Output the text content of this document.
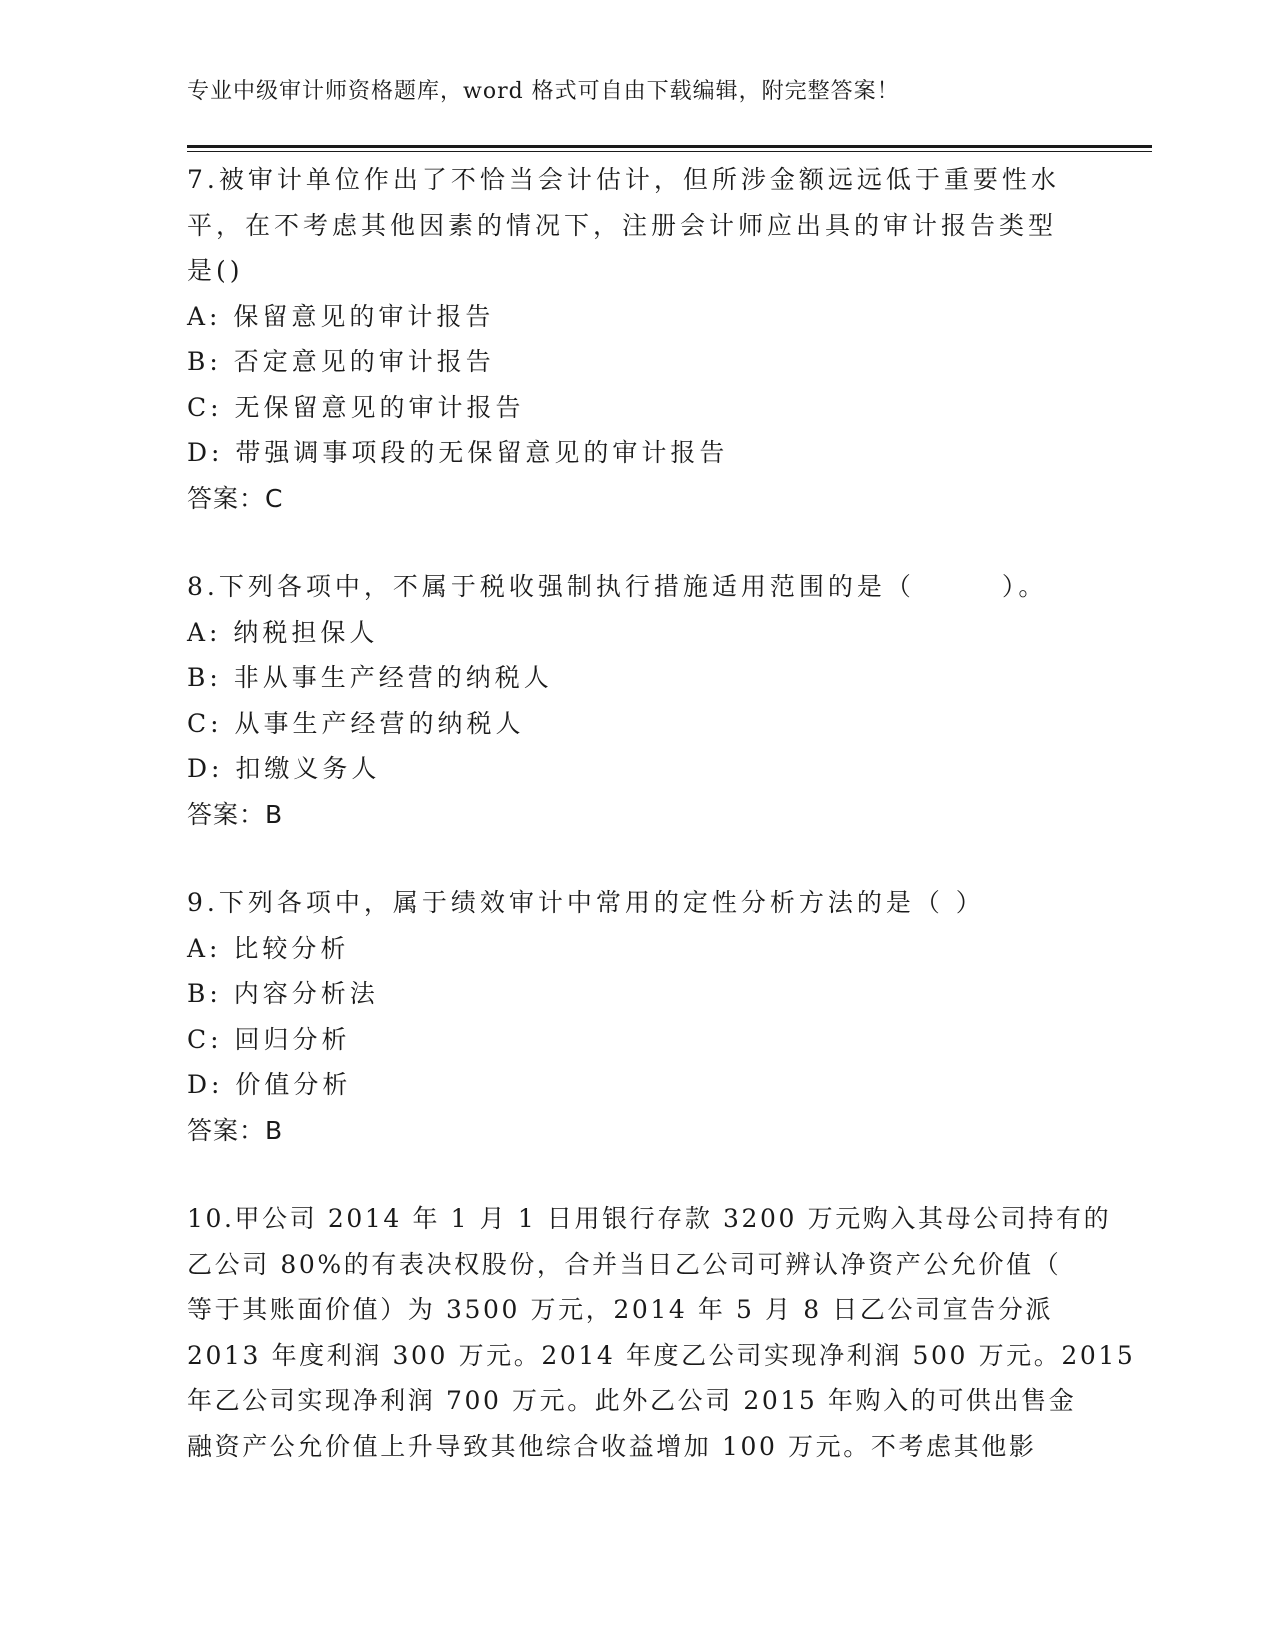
专业中级审计师资格题库，word 格式可自由下载编辑，附完整答案！
7.被审计单位作出了不恰当会计估计，但所涉金额远远低于重要性水
平，在不考虑其他因素的情况下，注册会计师应出具的审计报告类型
是()
A: 保留意见的审计报告
B: 否定意见的审计报告
C: 无保留意见的审计报告
D: 带强调事项段的无保留意见的审计报告
答案：C
8.下列各项中，不属于税收强制执行措施适用范围的是（　　　）。
A: 纳税担保人
B: 非从事生产经营的纳税人
C: 从事生产经营的纳税人
D: 扣缴义务人
答案：B
9.下列各项中，属于绩效审计中常用的定性分析方法的是（ ）
A: 比较分析
B: 内容分析法
C: 回归分析
D: 价值分析
答案：B
10.甲公司 2014 年 1 月 1 日用银行存款 3200 万元购入其母公司持有的
乙公司 80%的有表决权股份，合并当日乙公司可辨认净资产公允价值（
等于其账面价值）为 3500 万元，2014 年 5 月 8 日乙公司宣告分派
2013 年度利润 300 万元。2014 年度乙公司实现净利润 500 万元。2015
年乙公司实现净利润 700 万元。此外乙公司 2015 年购入的可供出售金
融资产公允价值上升导致其他综合收益增加 100 万元。不考虑其他影
